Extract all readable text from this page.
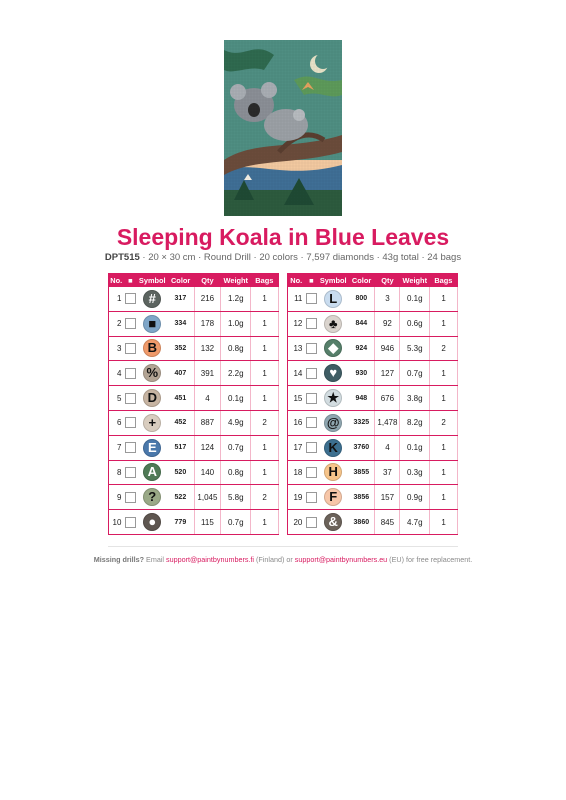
Sleeping Koala in Blue Leaves
DPT515 · 20 × 30 cm · Round Drill · 20 colors · 7,597 diamonds · 43g total · 24 bags
No.	■	Symbol	Color	Qty	Weight	Bags
1		#	317	216	1.2g	1
2		■	334	178	1.0g	1
3		B	352	132	0.8g	1
4		%	407	391	2.2g	1
5		D	451	4	0.1g	1
6		+	452	887	4.9g	2
7		E	517	124	0.7g	1
8		A	520	140	0.8g	1
9		?	522	1,045	5.8g	2
10		●	779	115	0.7g	1
No.	■	Symbol	Color	Qty	Weight	Bags
11		L	800	3	0.1g	1
12		♣	844	92	0.6g	1
13		◆	924	946	5.3g	2
14		♥	930	127	0.7g	1
15		★	948	676	3.8g	1
16		@	3325	1,478	8.2g	2
17		K	3760	4	0.1g	1
18		H	3855	37	0.3g	1
19		F	3856	157	0.9g	1
20		&	3860	845	4.7g	1
Missing drills? Email support@paintbynumbers.fi (Finland) or support@paintbynumbers.eu (EU) for free replacement.
